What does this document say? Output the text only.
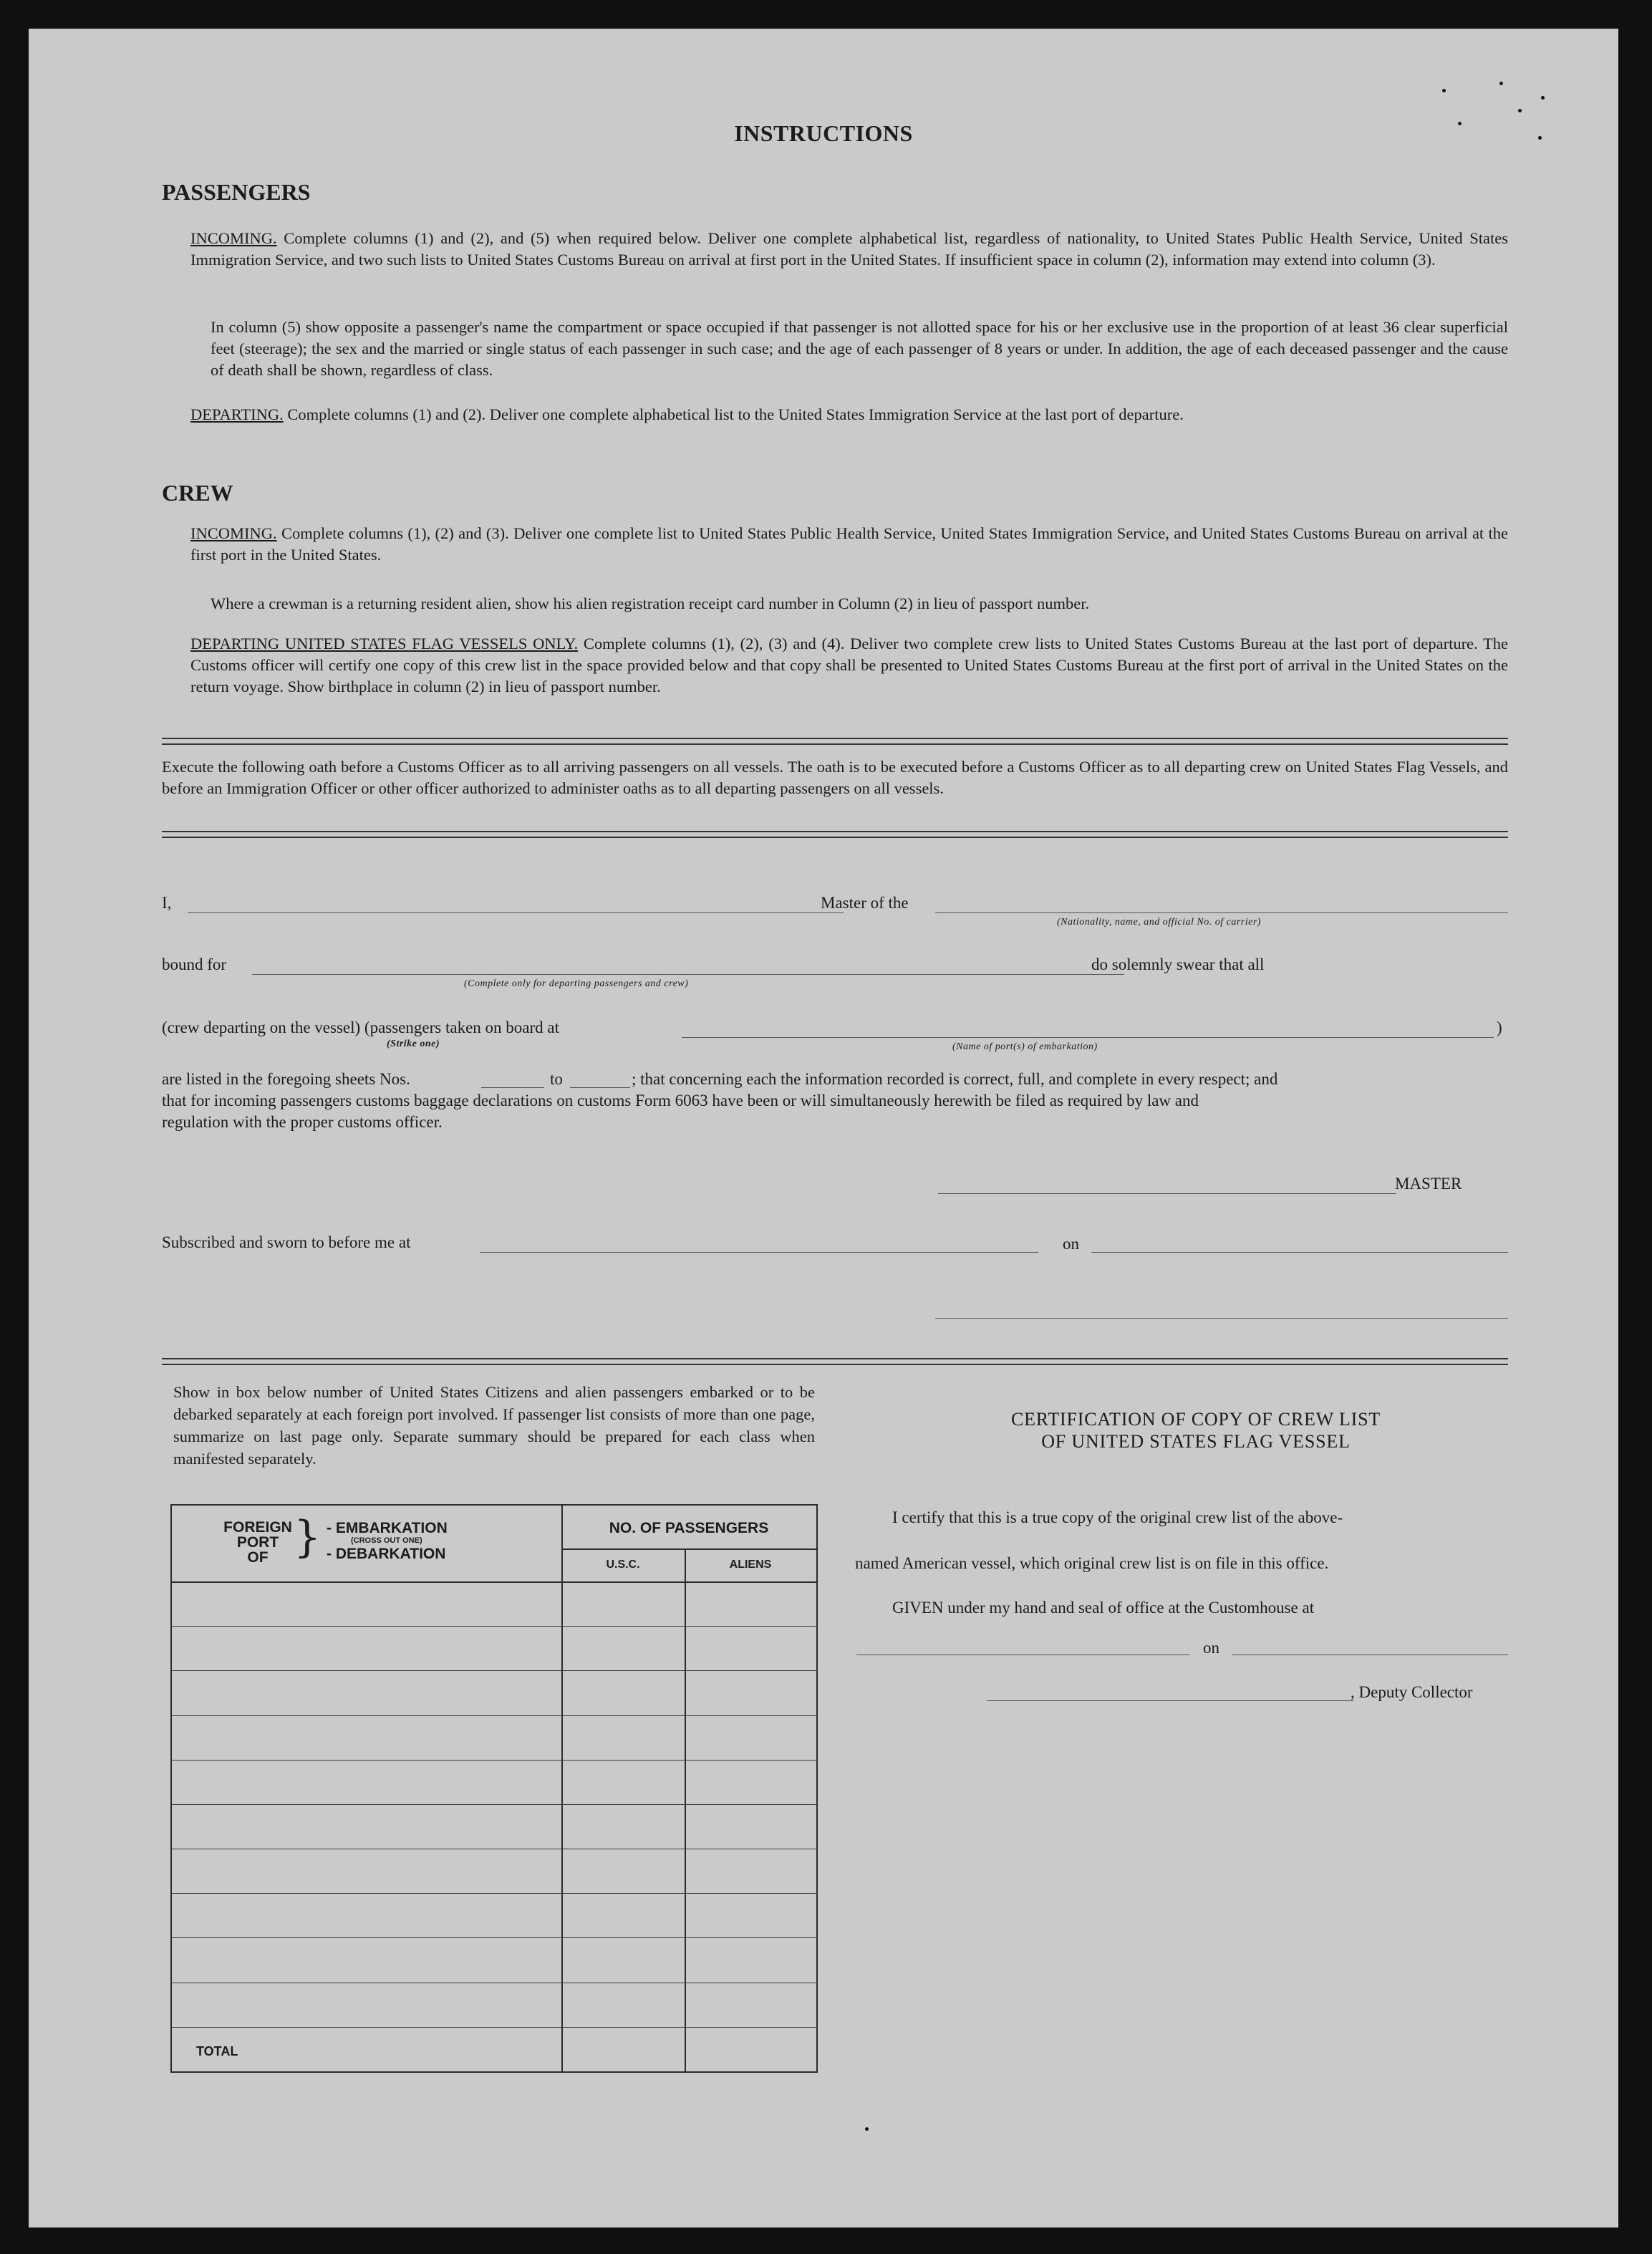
INSTRUCTIONS
PASSENGERS
INCOMING. Complete columns (1) and (2), and (5) when required below. Deliver one complete alphabetical list, regardless of nationality, to United States Public Health Service, United States Immigration Service, and two such lists to United States Customs Bureau on arrival at first port in the United States. If insufficient space in column (2), information may extend into column (3).
In column (5) show opposite a passenger's name the compartment or space occupied if that passenger is not allotted space for his or her exclusive use in the proportion of at least 36 clear superficial feet (steerage); the sex and the married or single status of each passenger in such case; and the age of each passenger of 8 years or under. In addition, the age of each deceased passenger and the cause of death shall be shown, regardless of class.
DEPARTING. Complete columns (1) and (2). Deliver one complete alphabetical list to the United States Immigration Service at the last port of departure.
CREW
INCOMING. Complete columns (1), (2) and (3). Deliver one complete list to United States Public Health Service, United States Immigration Service, and United States Customs Bureau on arrival at the first port in the United States.
Where a crewman is a returning resident alien, show his alien registration receipt card number in Column (2) in lieu of passport number.
DEPARTING UNITED STATES FLAG VESSELS ONLY. Complete columns (1), (2), (3) and (4). Deliver two complete crew lists to United States Customs Bureau at the last port of departure. The Customs officer will certify one copy of this crew list in the space provided below and that copy shall be presented to United States Customs Bureau at the first port of arrival in the United States on the return voyage. Show birthplace in column (2) in lieu of passport number.
Execute the following oath before a Customs Officer as to all arriving passengers on all vessels. The oath is to be executed before a Customs Officer as to all departing crew on United States Flag Vessels, and before an Immigration Officer or other officer authorized to administer oaths as to all departing passengers on all vessels.
I,	Master of the
(Nationality, name, and official No. of carrier)
bound for
(Complete only for departing passengers and crew)
do solemnly swear that all
(crew departing on the vessel) (passengers taken on board at	)
(Strike one)	(Name of port(s) of embarkation)
are listed in the foregoing sheets Nos.	to	; that concerning each the information recorded is correct, full, and complete in every respect; and
that for incoming passengers customs baggage declarations on customs Form 6063 have been or will simultaneously herewith be filed as required by law and
regulation with the proper customs officer.
MASTER
Subscribed and sworn to before me at	on
Show in box below number of United States Citizens and alien passengers embarked or to be debarked separately at each foreign port involved. If passenger list consists of more than one page, summarize on last page only. Separate summary should be prepared for each class when manifested separately.
FOREIGN
PORT
OF } - EMBARKATION
(CROSS OUT ONE)
- DEBARKATION
NO. OF PASSENGERS
U.S.C.	ALIENS
TOTAL
CERTIFICATION OF COPY OF CREW LIST
OF UNITED STATES FLAG VESSEL
I certify that this is a true copy of the original crew list of the above-
named American vessel, which original crew list is on file in this office.
GIVEN under my hand and seal of office at the Customhouse at
on
, Deputy Collector
